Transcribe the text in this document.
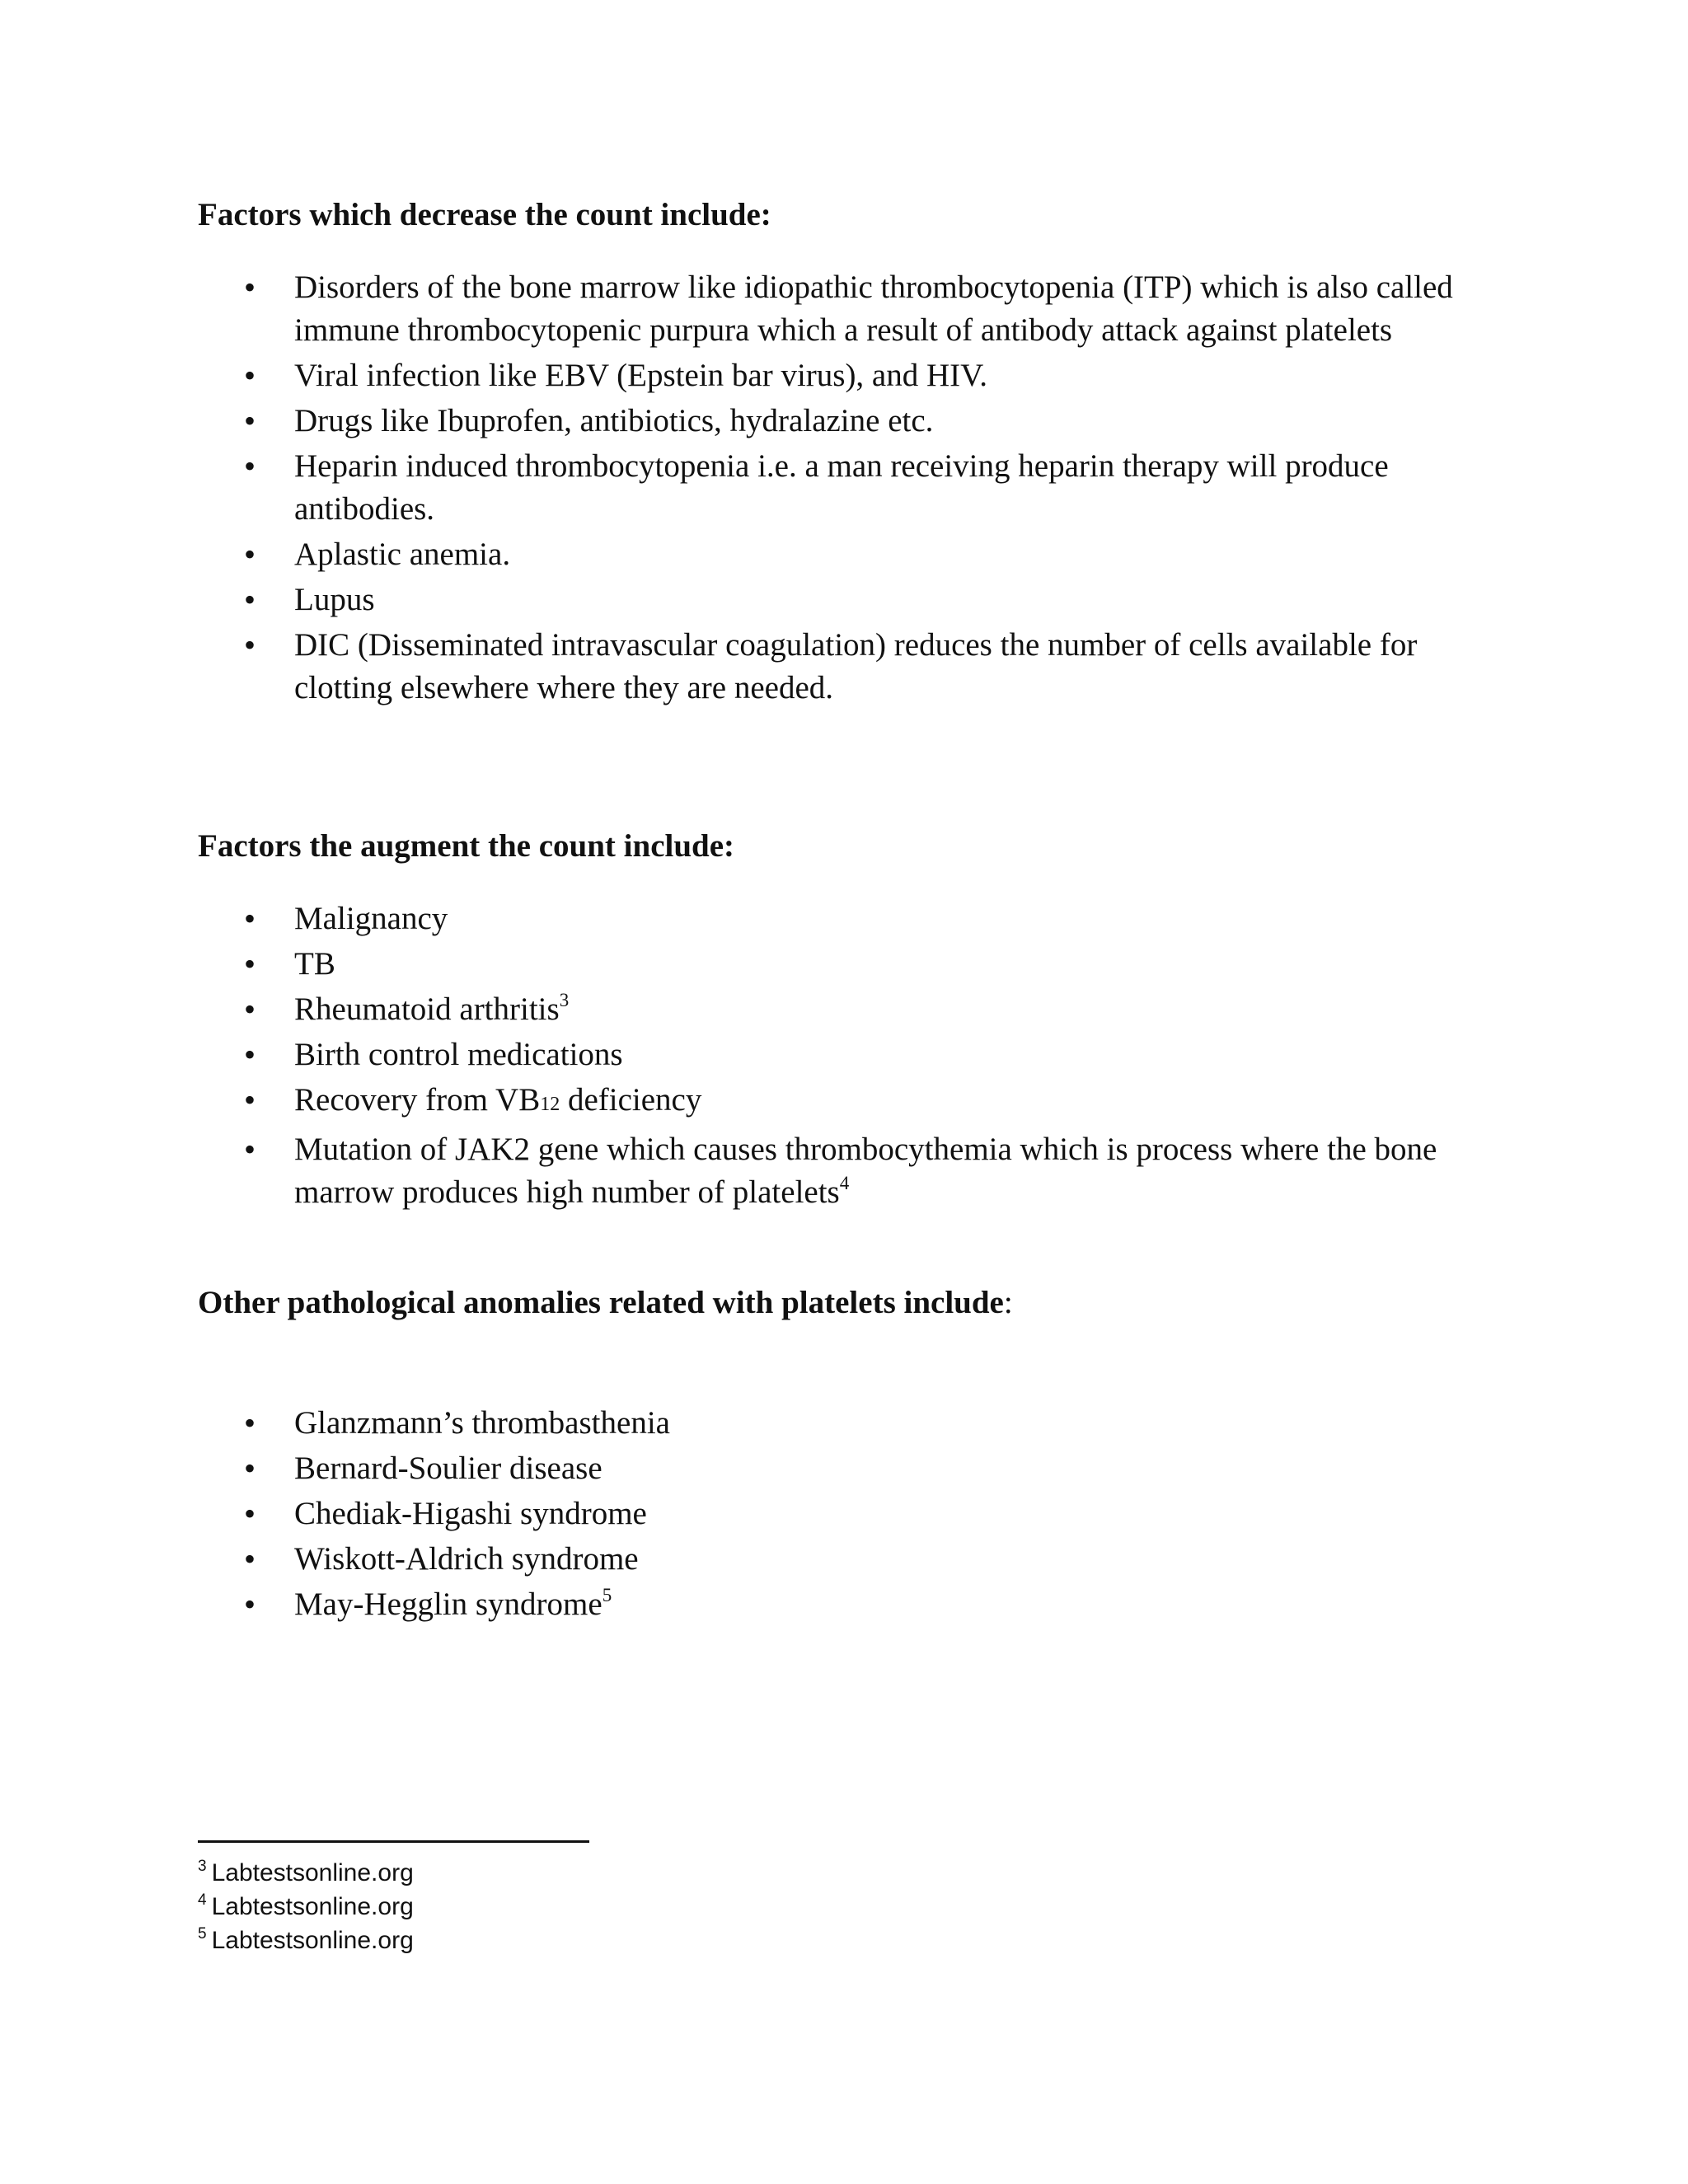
Factors which decrease the count include:
• Disorders of the bone marrow like idiopathic thrombocytopenia (ITP) which is also called immune thrombocytopenic purpura which a result of antibody attack against platelets
• Viral infection like EBV (Epstein bar virus), and HIV.
• Drugs like Ibuprofen, antibiotics, hydralazine etc.
• Heparin induced thrombocytopenia i.e. a man receiving heparin therapy will produce antibodies.
• Aplastic anemia.
• Lupus
• DIC (Disseminated intravascular coagulation) reduces the number of cells available for clotting elsewhere where they are needed.
Factors the augment the count include:
• Malignancy
• TB
• Rheumatoid arthritis$^3$
• Birth control medications
• Recovery from VB12 deficiency
• Mutation of JAK2 gene which causes thrombocythemia which is process where the bone marrow produces high number of platelets$^4$
Other pathological anomalies related with platelets include:
• Glanzmann’s thrombasthenia
• Bernard-Soulier disease
• Chediak-Higashi syndrome
• Wiskott-Aldrich syndrome
• May-Hegglin syndrome$^5$
$^3$ Labtestsonline.org
$^4$ Labtestsonline.org
$^5$ Labtestsonline.org
